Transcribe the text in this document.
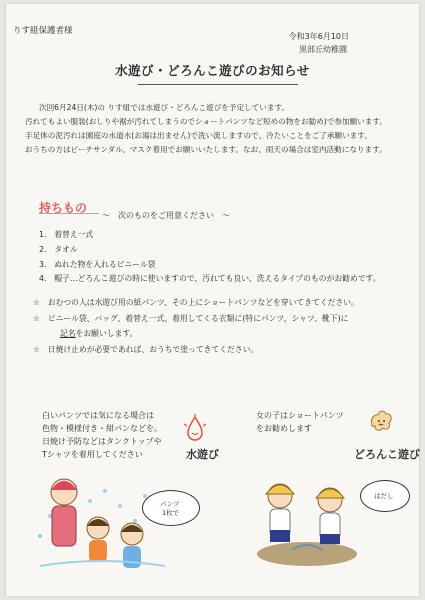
りす組保護者様
令和3年6月10日
黒部丘幼稚園
水遊び・どろんこ遊びのお知らせ
次回6月24日(木)の りす組では水遊び・どろんこ遊びを予定しています。
汚れてもよい服装(おしりや裾が汚れてしまうのでショートパンツなど短めの物をお勧め)で参加願います。
手足体の泥汚れは園庭の水道水(お湯は出ません)で洗い流しますので、冷たいことをご了承願います。
おうちの方はビーチサンダル、マスク着用でお願いいたします。なお、雨天の場合は室内活動になります。
持ちもの
～　次のものをご用意ください　～
1.　着替え一式
2.　タオル
3.　ぬれた物を入れるビニール袋
4.　帽子…どろんこ遊びの時に使いますので、汚れても良い、洗えるタイプのものがお勧めです。
☆　おむつの人は水遊び用の紙パンツ、その上にショートパンツなどを穿いてきてください。
☆　ビニール袋、バッグ、着替え一式、着用してくる衣類に(特にパンツ、シャツ、靴下)に
記名をお願いします。
☆　日焼け止めが必要であれば、おうちで塗ってきてください。
白いパンツでは気になる場合は
色物・模様付き・紺パンなどを。
日焼け予防などはタンクトップや
Tシャツを着用してください	水遊び
女の子はショートパンツ
をお勧めします
どろんこ遊び
パンツ
1枚で
はだし
